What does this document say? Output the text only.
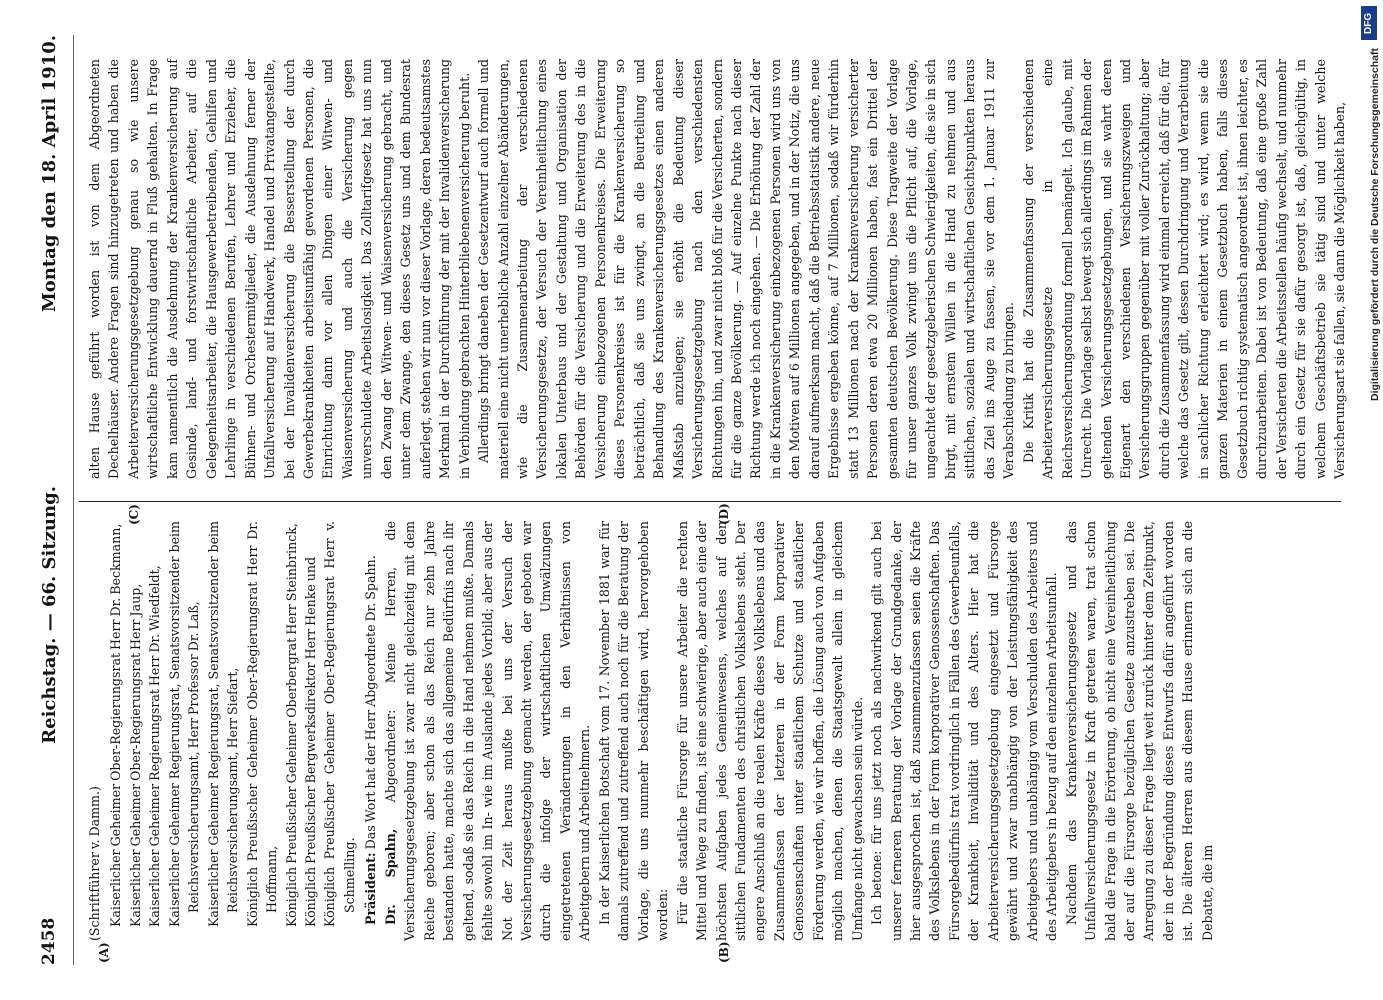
2458
Reichstag. — 66. Sitzung.
Montag den 18. April 1910.
(A)
(C)
(B)
(D)

(Schriftführer v. Damm.) Kaiserlicher Geheimer Ober-Regierungsrat Herr Dr. Beckmann, Kaiserlicher Geheimer Ober-Regierungsrat Herr Jaup, Kaiserlicher Geheimer Regierungsrat Herr Dr. Wiedfeldt, Kaiserlicher Geheimer Regierungsrat, Senatsvorsitzender beim Reichsversicherungsamt, Herr Professor Dr. Laß, Kaiserlicher Geheimer Regierungsrat, Senatsvorsitzender beim Reichsversicherungsamt, Herr Siefart, Königlich Preußischer Geheimer Ober-Regierungsrat Herr Dr. Hoffmann, Königlich Preußischer Geheimer Oberbergrat Herr Steinbrinck, Königlich Preußischer Bergwerksdirektor Herr Henke und Königlich Preußischer Geheimer Ober-Regierungsrat Herr v. Schmelling. Präsident: Das Wort hat der Herr Abgeordnete Dr. Spahn.

Dr. Spahn, Abgeordneter: Meine Herren, die Versicherungsgesetzgebung ist zwar nicht gleichzeitig mit dem Reiche geboren; aber schon als das Reich nur zehn Jahre bestanden hatte, machte sich das allgemeine Bedürfnis nach ihr geltend, sodaß sie das Reich in die Hand nehmen mußte. Damals fehlte sowohl im In- wie im Auslande jedes Vorbild; aber aus der Not der Zeit heraus mußte bei uns der Versuch der Versicherungsgesetzgebung gemacht werden, der geboten war durch die infolge der wirtschaftlichen Umwälzungen eingetretenen Veränderungen in den Verhältnissen von Arbeitgebern und Arbeitnehmern. In der Kaiserlichen Botschaft vom 17. November 1881 war für damals zutreffend und zutreffend auch noch für die Beratung der Vorlage, die uns nunmehr beschäftigen wird, hervorgehoben worden: Für die staatliche Fürsorge für unsere Arbeiter die rechten Mittel und Wege zu finden, ist eine schwierige, aber auch eine der höchsten Aufgaben jedes Gemeinwesens, welches auf den sittlichen Fundamenten des christlichen Volkslebens steht. Der engere Anschluß an die realen Kräfte dieses Volkslebens und das Zusammenfassen der letzteren in der Form korporativer Genossenschaften unter staatlichem Schutze und staatlicher Förderung werden, wie wir hoffen, die Lösung auch von Aufgaben möglich machen, denen die Staatsgewalt allein in gleichem Umfange nicht gewachsen sein würde. Ich betone: für uns jetzt noch als nachwirkend gilt auch bei unserer ferneren Beratung der Vorlage der Grundgedanke, der hier ausgesprochen ist, daß zusammenzufassen seien die Kräfte des Volkslebens in der Form korporativer Genossenschaften. Das Fürsorgebedürfnis trat vordringlich in Fällen des Gewerbeunfalls, der Krankheit, Invalidität und des Alters. Hier hat die Arbeiterversicherungsgesetzgebung eingesetzt und Fürsorge gewährt und zwar unabhängig von der Leistungsfähigkeit des Arbeitgebers und unabhängig vom Verschulden des Arbeiters und des Arbeitgebers in bezug auf den einzelnen Arbeitsunfall. Nachdem das Krankenversicherungsgesetz und das Unfallversicherungsgesetz in Kraft getreten waren, trat schon bald die Frage in die Erörterung, ob nicht eine Vereinheitlichung der auf die Fürsorge bezüglichen Gesetze anzustreben sei. Die Anregung zu dieser Frage liegt weit zurück hinter dem Zeitpunkt, der in der Begründung dieses Entwurfs dafür angeführt worden ist. Die älteren Herren aus diesem Hause erinnern sich an die Debatte, die im

alten Hause geführt worden ist von dem Abgeordneten Dechelhäuser. Andere Fragen sind hinzugetreten und haben die Arbeiterversicherungsgesetzgebung genau so wie unsere wirtschaftliche Entwicklung dauernd in Fluß gehalten. In Frage kam namentlich die Ausdehnung der Krankenversicherung auf Gesinde, land- und forstwirtschaftliche Arbeiter, auf die Gelegenheitsarbeiter, die Hausgewerbetreibenden, Gehilfen und Lehrlinge in verschiedenen Berufen, Lehrer und Erzieher, die Bühnen- und Orchestermitglieder, die Ausdehnung ferner der Unfallversicherung auf Handwerk, Handel und Privatangestellte, bei der Invalidenversicherung die Besserstellung der durch Gewerbekrankheiten arbeitsunfähig gewordenen Personen, die Einrichtung dann vor allen Dingen einer Witwen- und Waisenversicherung und auch die Versicherung gegen unverschuldete Arbeitslosigkeit. Das Zolltarifgesetz hat uns nun den Zwang der Witwen- und Waisenversicherung gebracht, und unter dem Zwange, den dieses Gesetz uns und dem Bundesrat auferlegt, stehen wir nun vor dieser Vorlage, deren bedeutsamstes Merkmal in der Durchführung der mit der Invalidenversicherung in Verbindung gebrachten Hinterbliebenenversicherung beruht. Allerdings bringt daneben der Gesetzentwurf auch formell und materiell eine nicht unerhebliche Anzahl einzelner Abänderungen, wie die Zusammenarbeitung der verschiedenen Versicherungsgesetze, der Versuch der Vereinheitlichung eines lokalen Unterbaus und der Gestaltung und Organisation der Behörden für die Versicherung und die Erweiterung des in die Versicherung einbezogenen Personenkreises. Die Erweiterung dieses Personenkreises ist für die Krankenversicherung so beträchtlich, daß sie uns zwingt, an die Beurteilung und Behandlung des Krankenversicherungsgesetzes einen anderen Maßstab anzulegen; sie erhöht die Bedeutung dieser Versicherungsgesetzgebung nach den verschiedensten Richtungen hin, und zwar nicht bloß für die Versicherten, sondern für die ganze Bevölkerung. — Auf einzelne Punkte nach dieser Richtung werde ich noch eingehen. — Die Erhöhung der Zahl der in die Krankenversicherung einbezogenen Personen wird uns von den Motiven auf 6 Millionen angegeben, und in der Notiz, die uns darauf aufmerksam macht, daß die Betriebsstatistik andere, neue Ergebnisse ergeben könne, auf 7 Millionen, sodaß wir fürderhin statt 13 Millionen nach der Krankenversicherung versicherter Personen deren etwa 20 Millionen haben, fast ein Drittel der gesamten deutschen Bevölkerung. Diese Tragweite der Vorlage für unser ganzes Volk zwingt uns die Pflicht auf, die Vorlage, ungeachtet der gesetzgeberischen Schwierigkeiten, die sie in sich birgt, mit ernstem Willen in die Hand zu nehmen und aus sittlichen, sozialen und wirtschaftlichen Gesichtspunkten heraus das Ziel ins Auge zu fassen, sie vor dem 1. Januar 1911 zur Verabschiedung zu bringen. Die Kritik hat die Zusammenfassung der verschiedenen Arbeiterversicherungsgesetze in eine Reichsversicherungsordnung formell bemängelt. Ich glaube, mit Unrecht. Die Vorlage selbst bewegt sich allerdings im Rahmen der geltenden Versicherungsgesetzgebungen, und sie wahrt deren Eigenart den verschiedenen Versicherungszweigen und Versicherungsgruppen gegenüber mit voller Zurückhaltung; aber durch die Zusammenfassung wird einmal erreicht, daß für die, für welche das Gesetz gilt, dessen Durchdringung und Verarbeitung in sachlicher Richtung erleichtert wird; es wird, wenn sie die ganzen Materien in einem Gesetzbuch haben, falls dieses Gesetzbuch richtig systematisch angeordnet ist, ihnen leichter, es durchzuarbeiten. Dabei ist von Bedeutung, daß eine große Zahl der Versicherten die Arbeitsstellen häufig wechselt, und nunmehr durch ein Gesetz für sie dafür gesorgt ist, daß, gleichgültig, in welchem Geschäftsbetrieb sie tätig sind und unter welche Versicherungsart sie fallen, sie dann die Möglichkeit haben,

DFG
Digitalisierung gefördert durch die Deutsche Forschungsgemeinschaft
